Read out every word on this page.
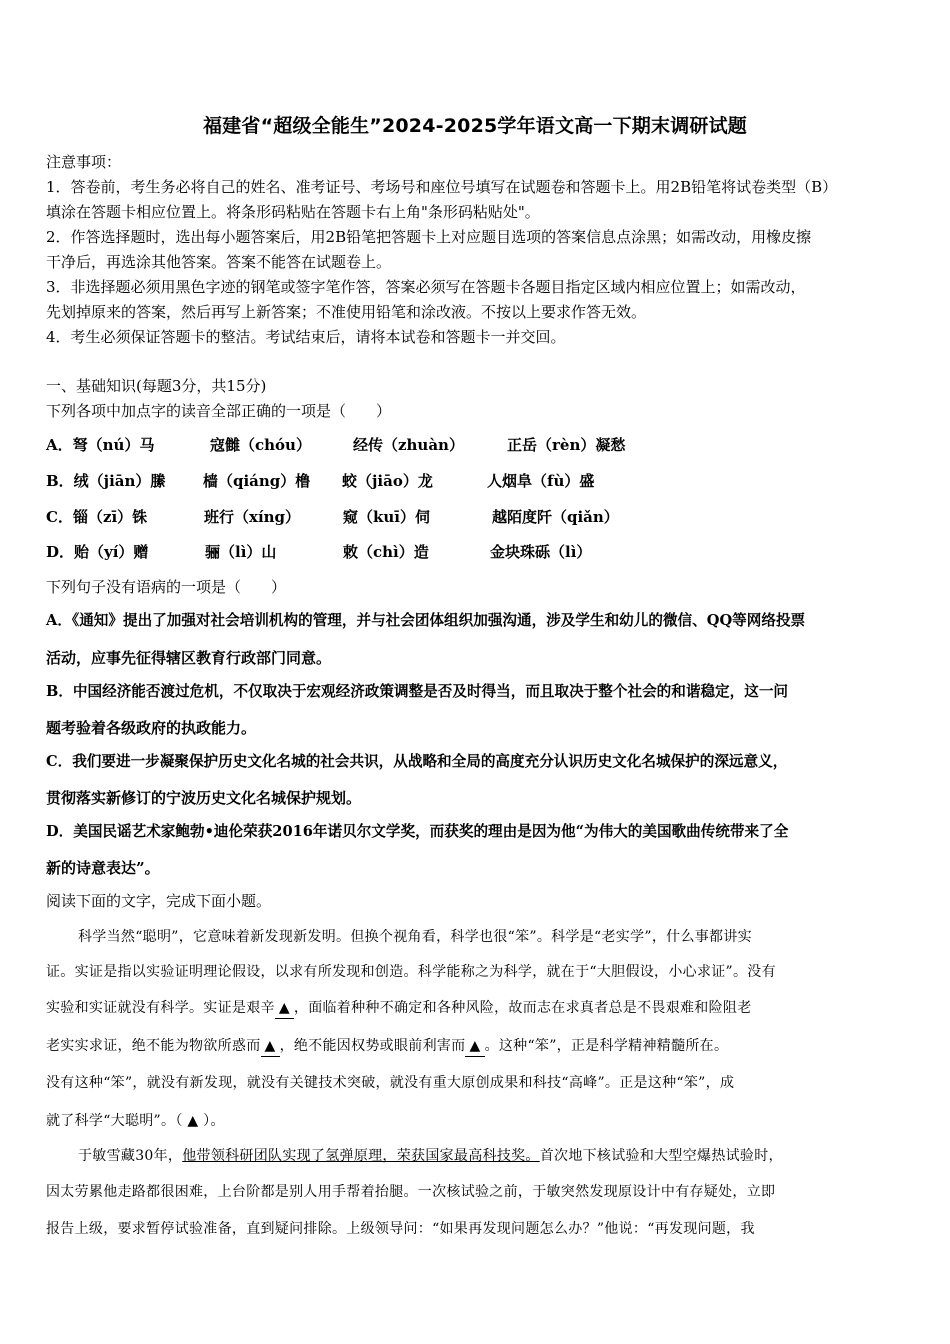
福建省“超级全能生”2024-2025学年语文高一下期末调研试题
注意事项：
1．答卷前，考生务必将自己的姓名、准考证号、考场号和座位号填写在试题卷和答题卡上。用2B铅笔将试卷类型（B）
填涂在答题卡相应位置上。将条形码粘贴在答题卡右上角"条形码粘贴处"。
2．作答选择题时，选出每小题答案后，用2B铅笔把答题卡上对应题目选项的答案信息点涂黑；如需改动，用橡皮擦
干净后，再选涂其他答案。答案不能答在试题卷上。
3．非选择题必须用黑色字迹的钢笔或签字笔作答，答案必须写在答题卡各题目指定区域内相应位置上；如需改动，
先划掉原来的答案，然后再写上新答案；不准使用铅笔和涂改液。不按以上要求作答无效。
4．考生必须保证答题卡的整洁。考试结束后，请将本试卷和答题卡一并交回。
一、基础知识(每题3分，共15分)
下列各项中加点字的读音全部正确的一项是（　　）
A．弩（nú）马	寇雠（chóu）	经传（zhuàn）	正岳（rèn）凝愁
B．绒（jiān）縢	樯（qiáng）橹 蛟（jiāo）龙	人烟阜（fù）盛
C．锱（zī）铢	班行（xíng）	窥（kuī）伺	越陌度阡（qiǎn）
D．贻（yí）赠	骊（lì）山	敕（chì）造	金块珠砾（lì）
下列句子没有语病的一项是（　　）
A．《通知》提出了加强对社会培训机构的管理，并与社会团体组织加强沟通，涉及学生和幼儿的微信、QQ等网络投票
活动，应事先征得辖区教育行政部门同意。
B．中国经济能否渡过危机，不仅取决于宏观经济政策调整是否及时得当，而且取决于整个社会的和谐稳定，这一问
题考验着各级政府的执政能力。
C．我们要进一步凝聚保护历史文化名城的社会共识，从战略和全局的高度充分认识历史文化名城保护的深远意义，
贯彻落实新修订的宁波历史文化名城保护规划。
D．美国民谣艺术家鲍勃•迪伦荣获2016年诺贝尔文学奖，而获奖的理由是因为他“为伟大的美国歌曲传统带来了全
新的诗意表达”。
阅读下面的文字，完成下面小题。
科学当然“聪明”，它意味着新发现新发明。但换个视角看，科学也很“笨”。科学是“老实学”，什么事都讲实
证。实证是指以实验证明理论假设，以求有所发现和创造。科学能称之为科学，就在于“大胆假设，小心求证”。没有
实验和实证就没有科学。实证是艰辛 ▲ ，面临着种种不确定和各种风险，故而志在求真者总是不畏艰难和险阻老
老实实求证，绝不能为物欲所惑而 ▲ ，绝不能因权势或眼前利害而 ▲ 。这种“笨”，正是科学精神精髓所在。
没有这种“笨”，就没有新发现，就没有关键技术突破，就没有重大原创成果和科技“高峰”。正是这种“笨”，成
就了科学“大聪明”。（ ▲ ）。
于敏雪藏30年，他带领科研团队实现了氢弹原理，荣获国家最高科技奖。首次地下核试验和大型空爆热试验时，
因太劳累他走路都很困难，上台阶都是别人用手帮着抬腿。一次核试验之前，于敏突然发现原设计中有存疑处，立即
报告上级，要求暂停试验准备，直到疑问排除。上级领导问：“如果再发现问题怎么办？”他说：“再发现问题，我
